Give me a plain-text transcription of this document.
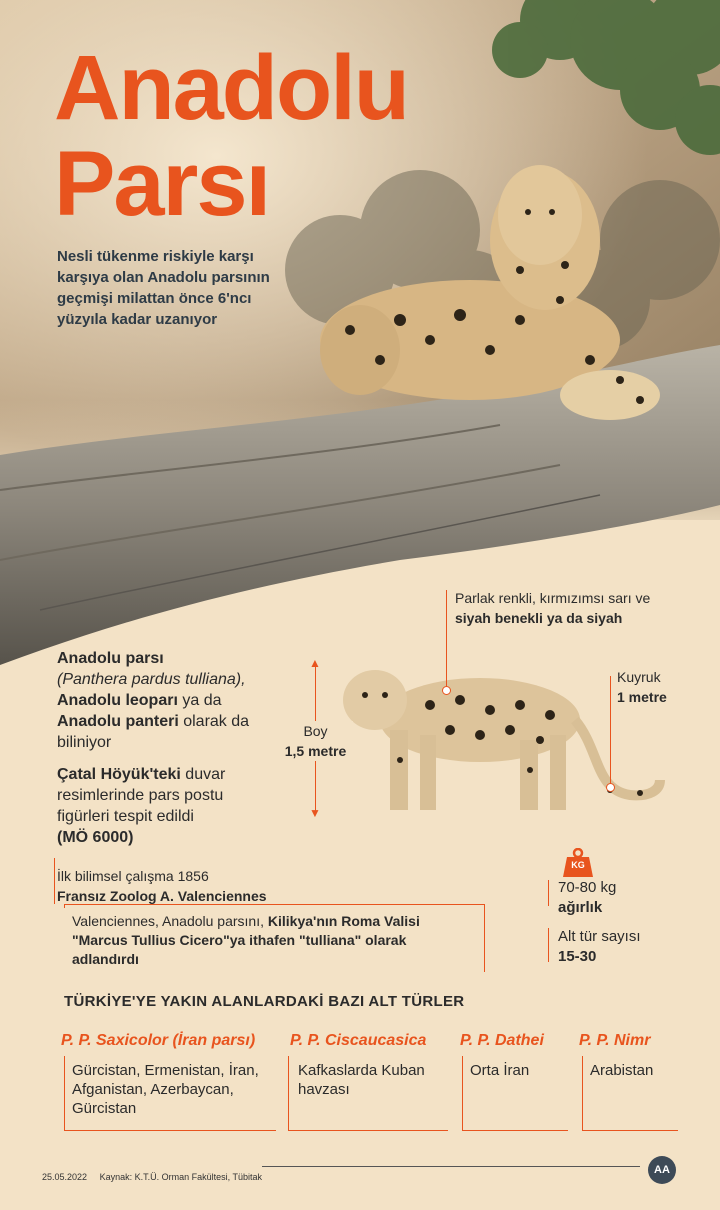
Anadolu
Parsı
Nesli tükenme riskiyle karşı karşıya olan Anadolu parsının geçmişi milattan önce 6'ncı yüzyıla kadar uzanıyor
Anadolu parsı
(Panthera pardus tulliana),
Anadolu leoparı ya da Anadolu panteri olarak da biliniyor
Çatal Höyük'teki duvar resimlerinde pars postu figürleri tespit edildi
(MÖ 6000)
▲
▼
Boy
1,5 metre
Parlak renkli, kırmızımsı sarı ve siyah benekli ya da siyah
Kuyruk
1 metre
İlk bilimsel çalışma 1856
Fransız Zoolog A. Valenciennes
Valenciennes, Anadolu parsını, Kilikya'nın Roma Valisi "Marcus Tullius Cicero"ya ithafen "tulliana" olarak adlandırdı
KG
70-80 kg
ağırlık
Alt tür sayısı
15-30
TÜRKİYE'YE YAKIN ALANLARDAKİ BAZI ALT TÜRLER
P. P. Saxicolor (İran parsı)
Gürcistan, Ermenistan, İran, Afganistan, Azerbaycan, Gürcistan
P. P. Ciscaucasica
Kafkaslarda Kuban havzası
P. P. Dathei
Orta İran
P. P. Nimr
Arabistan
25.05.2022 Kaynak: K.T.Ü. Orman Fakültesi, Tübitak
AA
